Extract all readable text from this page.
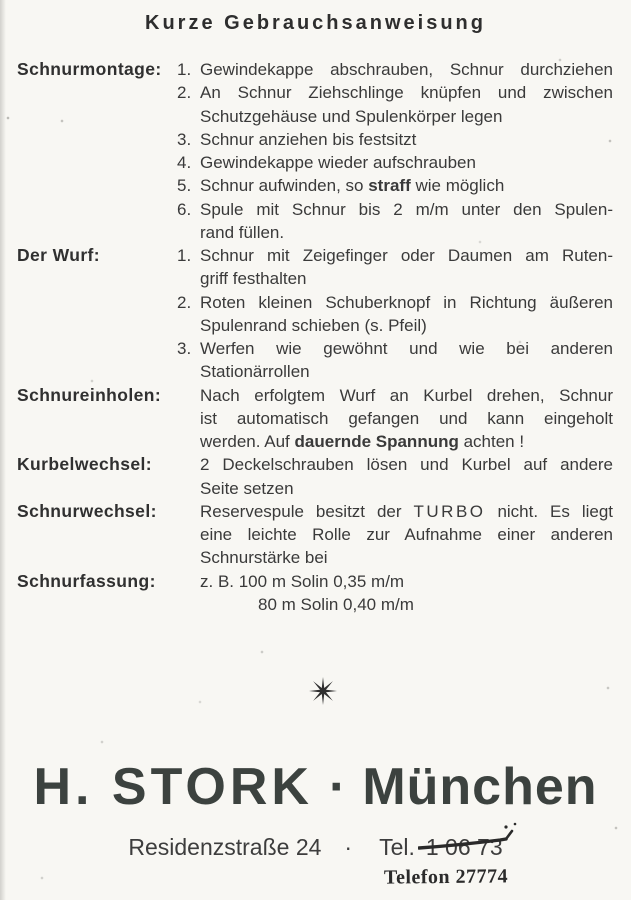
Kurze Gebrauchsanweisung
Schnurmontage: 1. Gewindekappe abschrauben, Schnur durchziehen
2. An Schnur Ziehschlinge knüpfen und zwischen
Schutzgehäuse und Spulenkörper legen
3. Schnur anziehen bis festsitzt
4. Gewindekappe wieder aufschrauben
5. Schnur aufwinden, so straff wie möglich
6. Spule mit Schnur bis 2 m/m unter den Spulen-
rand füllen.
Der Wurf:	1. Schnur mit Zeigefinger oder Daumen am Ruten-
griff festhalten
2. Roten kleinen Schuberknopf in Richtung äußeren
Spulenrand schieben (s. Pfeil)
3. Werfen wie gewöhnt und wie bei anderen
Stationärrollen
Schnureinholen:	Nach erfolgtem Wurf an Kurbel drehen, Schnur
ist automatisch gefangen und kann eingeholt
werden. Auf dauernde Spannung achten !
Kurbelwechsel:	2 Deckelschrauben lösen und Kurbel auf andere
Seite setzen
Schnurwechsel:	Reservespule besitzt der TURBO nicht. Es liegt
eine leichte Rolle zur Aufnahme einer anderen
Schnurstärke bei
Schnurfassung:	z. B. 100 m Solin 0,35 m/m
80 m Solin 0,40 m/m
H. STORK · München
Residenzstraße 24 · Tel. 1 06 73
Telefon 27774
